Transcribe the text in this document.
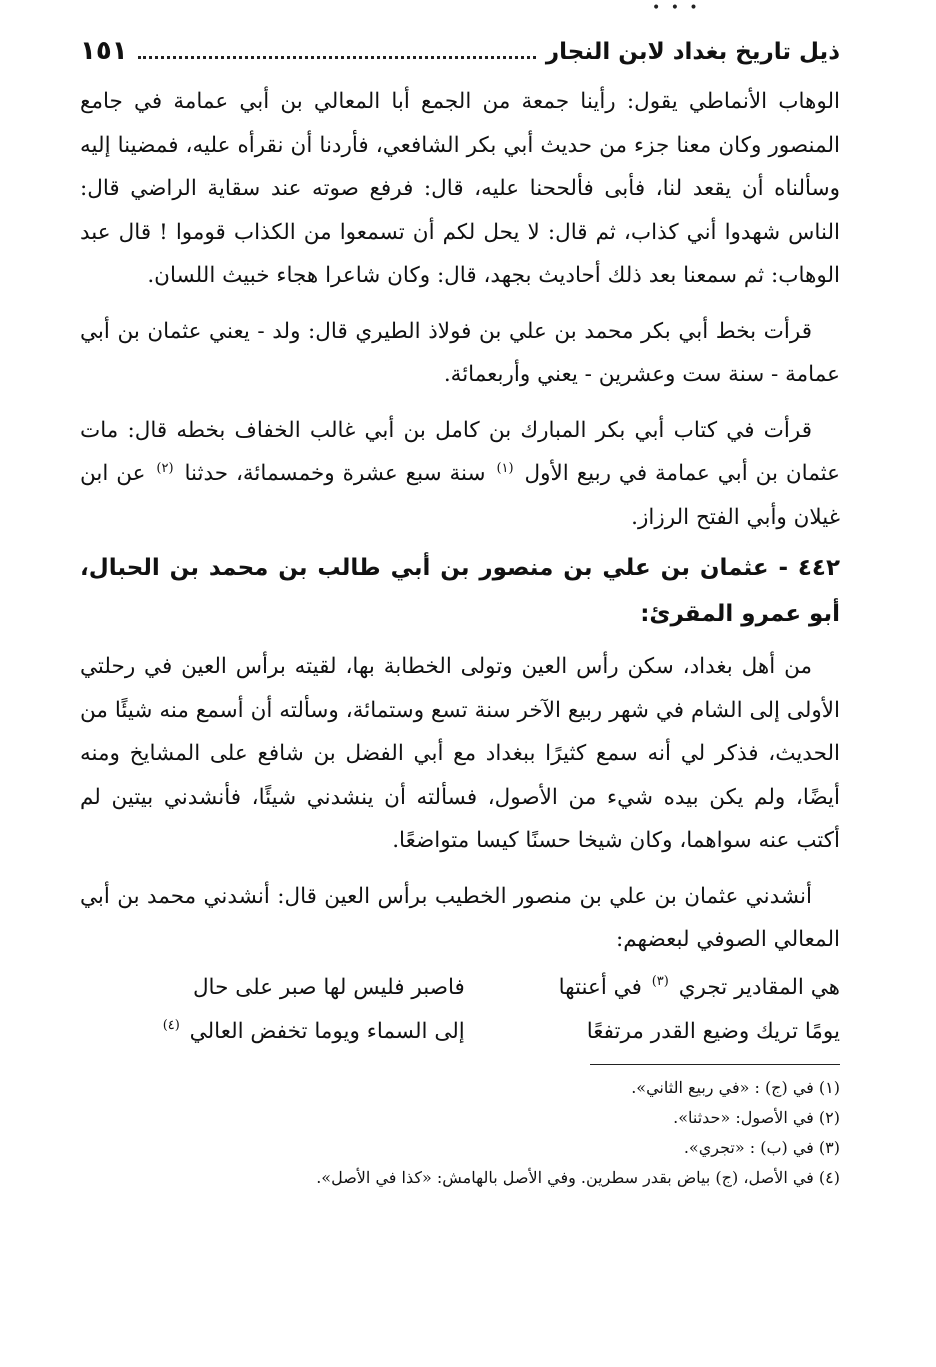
• • •
ذيل تاريخ بغداد لابن النجار
١٥١

الوهاب الأنماطي يقول: رأينا جمعة من الجمع أبا المعالي بن أبي عمامة في جامع المنصور وكان معنا جزء من حديث أبي بكر الشافعي، فأردنا أن نقرأه عليه، فمضينا إليه وسألناه أن يقعد لنا، فأبى فألححنا عليه، قال: فرفع صوته عند سقاية الراضي قال: الناس شهدوا أني كذاب، ثم قال: لا يحل لكم أن تسمعوا من الكذاب قوموا ! قال عبد الوهاب: ثم سمعنا بعد ذلك أحاديث بجهد، قال: وكان شاعرا هجاء خبيث اللسان.

قرأت بخط أبي بكر محمد بن علي بن فولاذ الطيري قال: ولد - يعني عثمان بن أبي عمامة - سنة ست وعشرين - يعني وأربعمائة.

قرأت في كتاب أبي بكر المبارك بن كامل بن أبي غالب الخفاف بخطه قال: مات عثمان بن أبي عمامة في ربيع الأول $^{(١)}$ سنة سبع عشرة وخمسمائة، حدثنا $^{(٢)}$ عن ابن غيلان وأبي الفتح الرزاز.

٤٤٢ - عثمان بن علي بن منصور بن أبي طالب بن محمد بن الحبال، أبو عمرو المقرئ:

من أهل بغداد، سكن رأس العين وتولى الخطابة بها، لقيته برأس العين في رحلتي الأولى إلى الشام في شهر ربيع الآخر سنة تسع وستمائة، وسألته أن أسمع منه شيئًا من الحديث، فذكر لي أنه سمع كثيرًا ببغداد مع أبي الفضل بن شافع على المشايخ ومنه أيضًا، ولم يكن بيده شيء من الأصول، فسألته أن ينشدني شيئًا، فأنشدني بيتين لم أكتب عنه سواهما، وكان شيخا حسنًا كيسا متواضعًا.

أنشدني عثمان بن علي بن منصور الخطيب برأس العين قال: أنشدني محمد بن أبي المعالي الصوفي لبعضهم:

هي المقادير تجري $^{(٣)}$ في أعنتها
فاصبر فليس لها صبر على حال
يومًا تريك وضيع القدر مرتفعًا
إلى السماء ويوما تخفض العالي $^{(٤)}$

(١) في (ج) : «في ربيع الثاني».

(٢) في الأصول: «حدثنا».

(٣) في (ب) : «تجري».

(٤) في الأصل، (ج) بياض بقدر سطرين. وفي الأصل بالهامش: «كذا في الأصل».
